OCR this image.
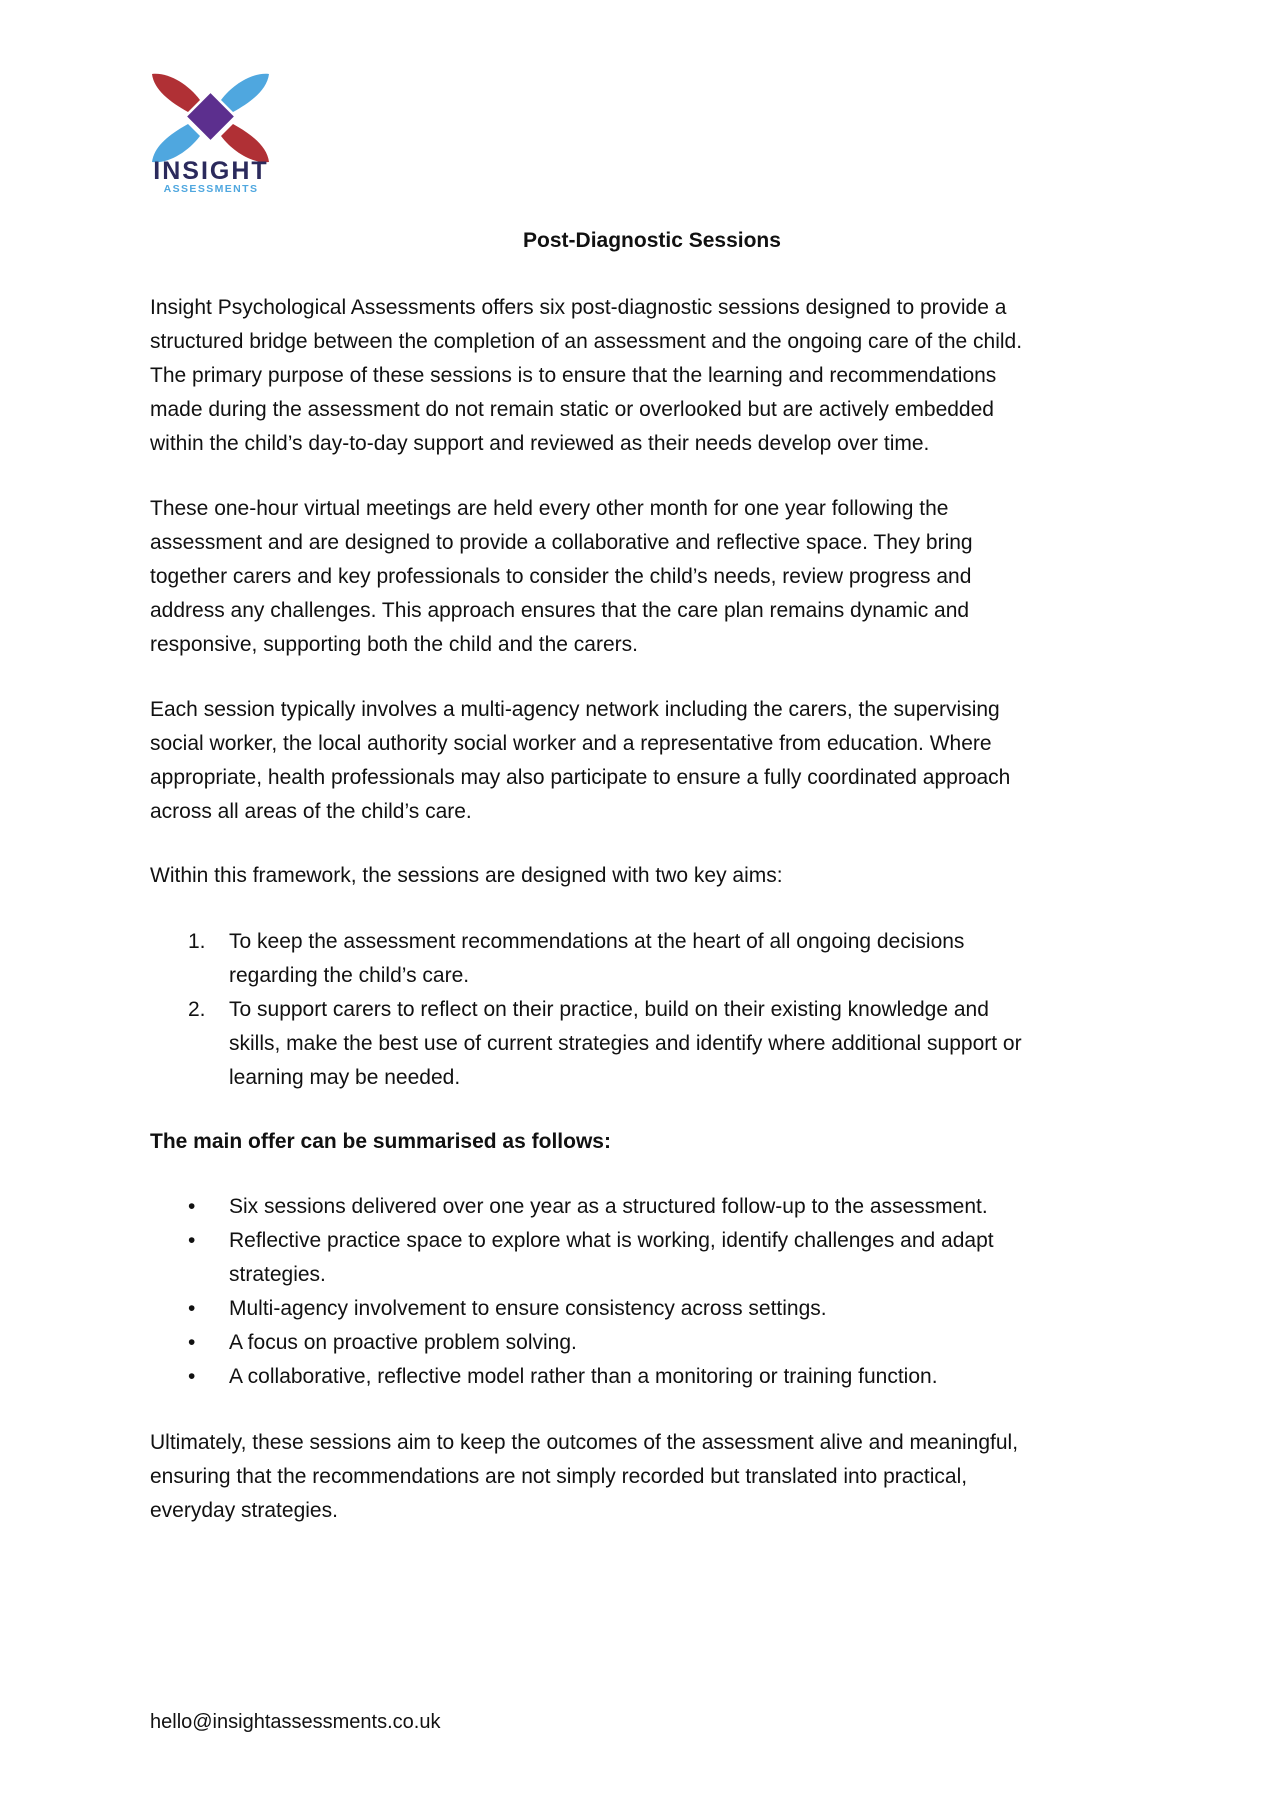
INSIGHT
ASSESSMENTS
Post-Diagnostic Sessions
Insight Psychological Assessments offers six post-diagnostic sessions designed to provide a
structured bridge between the completion of an assessment and the ongoing care of the child.
The primary purpose of these sessions is to ensure that the learning and recommendations
made during the assessment do not remain static or overlooked but are actively embedded
within the child’s day-to-day support and reviewed as their needs develop over time.
These one-hour virtual meetings are held every other month for one year following the
assessment and are designed to provide a collaborative and reflective space. They bring
together carers and key professionals to consider the child’s needs, review progress and
address any challenges. This approach ensures that the care plan remains dynamic and
responsive, supporting both the child and the carers.
Each session typically involves a multi-agency network including the carers, the supervising
social worker, the local authority social worker and a representative from education. Where
appropriate, health professionals may also participate to ensure a fully coordinated approach
across all areas of the child’s care.
Within this framework, the sessions are designed with two key aims:
1. To keep the assessment recommendations at the heart of all ongoing decisions
regarding the child’s care.
2. To support carers to reflect on their practice, build on their existing knowledge and
skills, make the best use of current strategies and identify where additional support or
learning may be needed.
The main offer can be summarised as follows:
• Six sessions delivered over one year as a structured follow-up to the assessment.
• Reflective practice space to explore what is working, identify challenges and adapt
strategies.
• Multi-agency involvement to ensure consistency across settings.
• A focus on proactive problem solving.
• A collaborative, reflective model rather than a monitoring or training function.
Ultimately, these sessions aim to keep the outcomes of the assessment alive and meaningful,
ensuring that the recommendations are not simply recorded but translated into practical,
everyday strategies.
hello@insightassessments.co.uk
